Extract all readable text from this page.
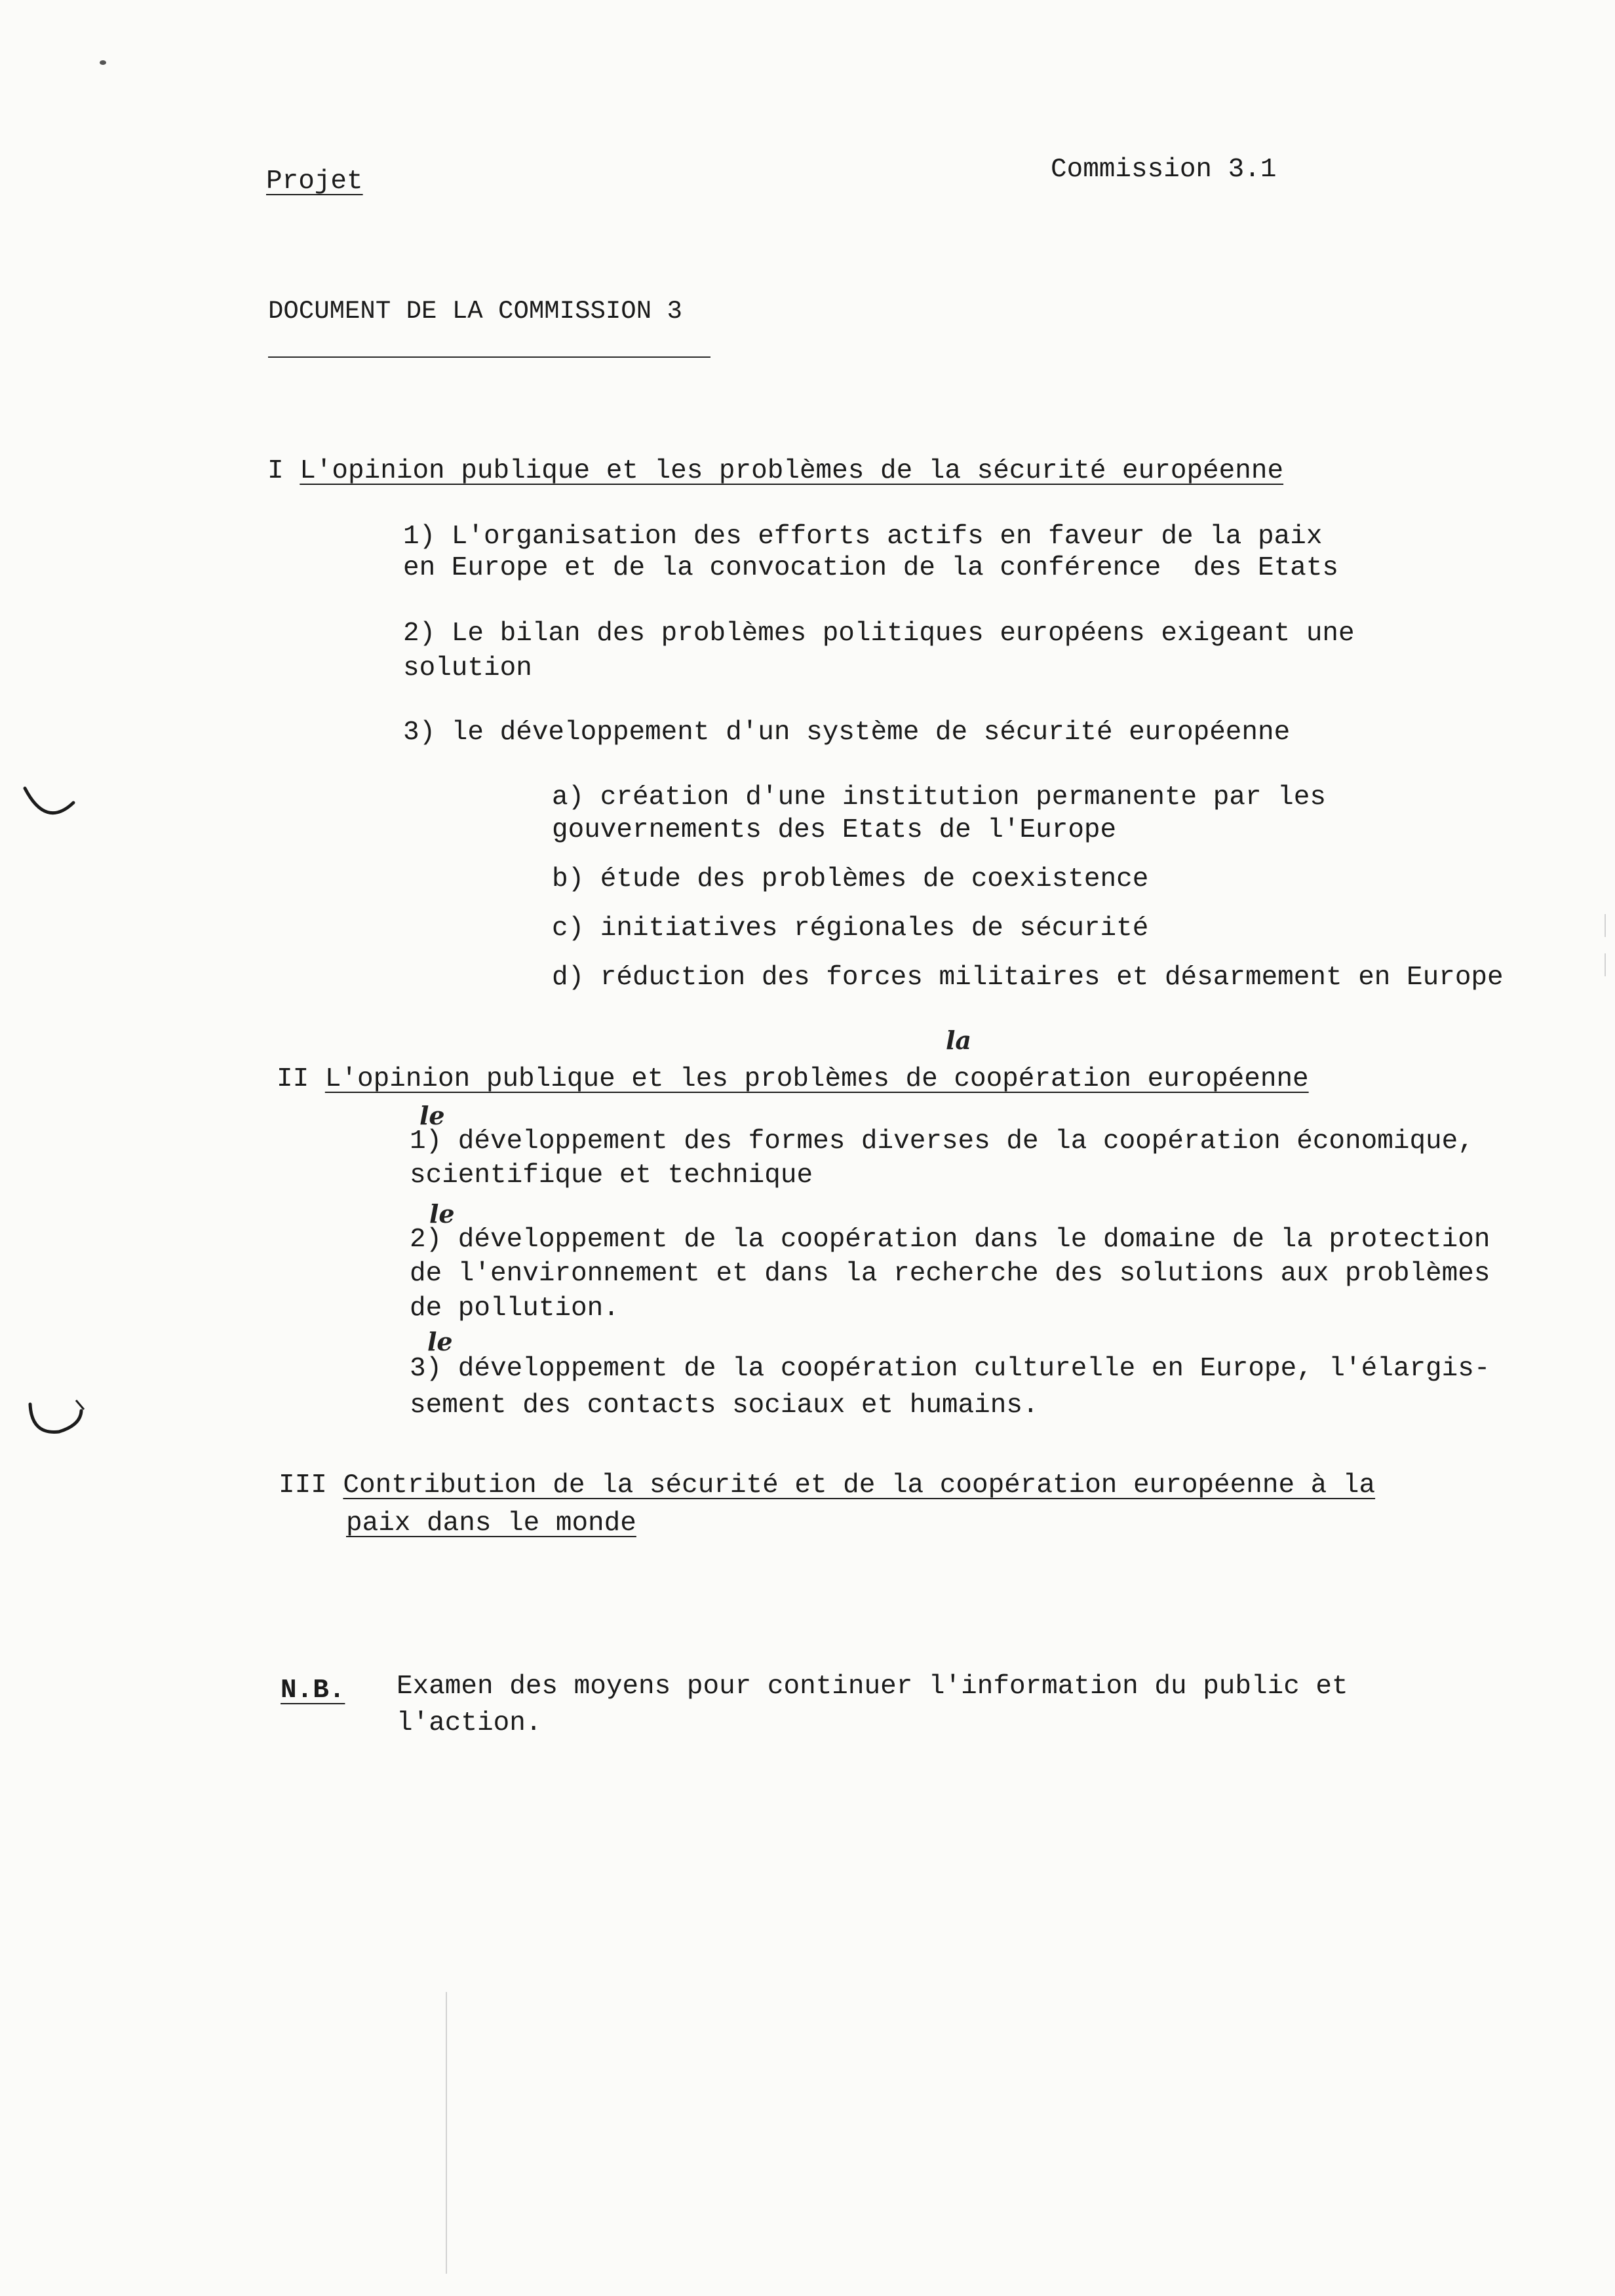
Projet	Commission 3.1
DOCUMENT DE LA COMMISSION 3
I L'opinion publique et les problèmes de la sécurité européenne
1) L'organisation des efforts actifs en faveur de la paix
en Europe et de la convocation de la conférence  des Etats
2) Le bilan des problèmes politiques européens exigeant une
solution
3) le développement d'un système de sécurité européenne
a) création d'une institution permanente par les
gouvernements des Etats de l'Europe
b) étude des problèmes de coexistence
c) initiatives régionales de sécurité
d) réduction des forces militaires et désarmement en Europe
la
II L'opinion publique et les problèmes de coopération européenne
le
1) développement des formes diverses de la coopération économique,
scientifique et technique
le
2) développement de la coopération dans le domaine de la protection
de l'environnement et dans la recherche des solutions aux problèmes
de pollution.
le
3) développement de la coopération culturelle en Europe, l'élargis-
sement des contacts sociaux et humains.
III Contribution de la sécurité et de la coopération européenne à la
paix dans le monde
N.B. Examen des moyens pour continuer l'information du public et
l'action.
